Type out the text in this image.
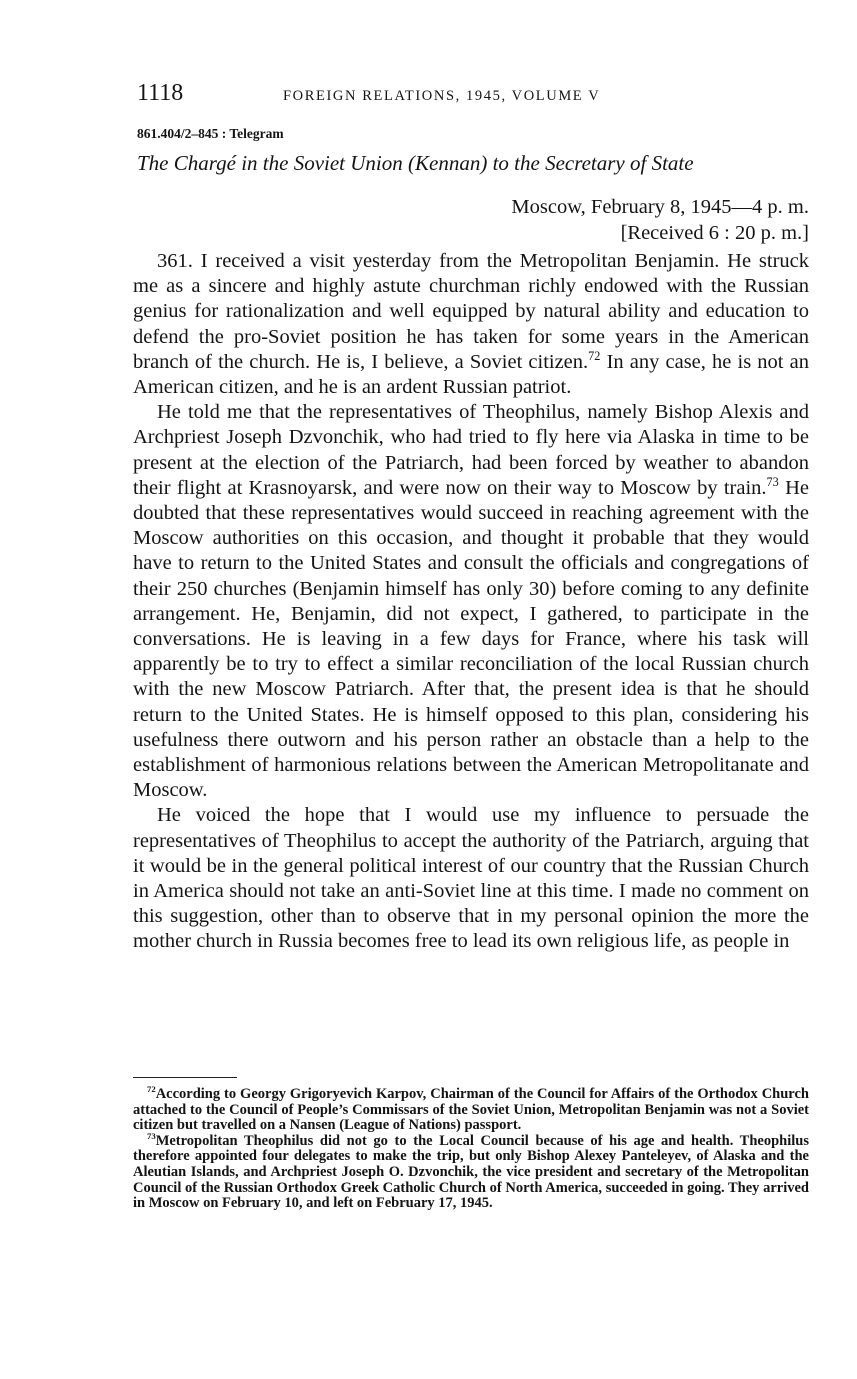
1118	FOREIGN RELATIONS, 1945, VOLUME V
861.404/2–845 : Telegram
The Chargé in the Soviet Union (Kennan) to the Secretary of State
Moscow, February 8, 1945—4 p. m.
[Received 6 : 20 p. m.]

361. I received a visit yesterday from the Metropolitan Benjamin. He struck me as a sincere and highly astute churchman richly endowed with the Russian genius for rationalization and well equipped by natural ability and education to defend the pro-Soviet position he has taken for some years in the American branch of the church. He is, I believe, a Soviet citizen.$^{72}$ In any case, he is not an American citizen, and he is an ardent Russian patriot.

He told me that the representatives of Theophilus, namely Bishop Alexis and Archpriest Joseph Dzvonchik, who had tried to fly here via Alaska in time to be present at the election of the Patriarch, had been forced by weather to abandon their flight at Krasnoyarsk, and were now on their way to Moscow by train.$^{73}$ He doubted that these representatives would succeed in reaching agreement with the Moscow authorities on this occasion, and thought it probable that they would have to return to the United States and consult the officials and congregations of their 250 churches (Benjamin himself has only 30) before coming to any definite arrangement. He, Benjamin, did not expect, I gathered, to participate in the conversations. He is leaving in a few days for France, where his task will apparently be to try to effect a similar reconciliation of the local Russian church with the new Moscow Patriarch. After that, the present idea is that he should return to the United States. He is himself opposed to this plan, considering his usefulness there outworn and his person rather an obstacle than a help to the establishment of harmonious relations between the American Metropolitanate and Moscow.

He voiced the hope that I would use my influence to persuade the representatives of Theophilus to accept the authority of the Patriarch, arguing that it would be in the general political interest of our country that the Russian Church in America should not take an anti-Soviet line at this time. I made no comment on this suggestion, other than to observe that in my personal opinion the more the mother church in Russia becomes free to lead its own religious life, as people in

$^{72}$According to Georgy Grigoryevich Karpov, Chairman of the Council for Affairs of the Orthodox Church attached to the Council of People’s Commissars of the Soviet Union, Metropolitan Benjamin was not a Soviet citizen but travelled on a Nansen (League of Nations) passport.

$^{73}$Metropolitan Theophilus did not go to the Local Council because of his age and health. Theophilus therefore appointed four delegates to make the trip, but only Bishop Alexey Panteleyev, of Alaska and the Aleutian Islands, and Archpriest Joseph O. Dzvonchik, the vice president and secretary of the Metropolitan Council of the Russian Orthodox Greek Catholic Church of North America, succeeded in going. They arrived in Moscow on February 10, and left on February 17, 1945.
